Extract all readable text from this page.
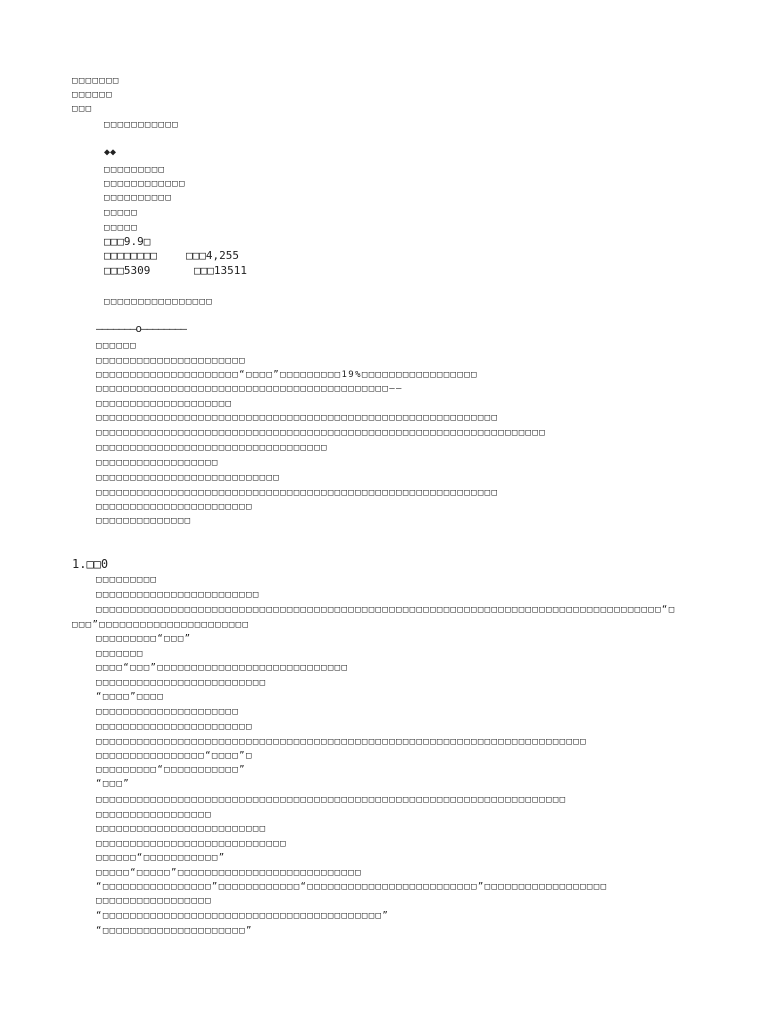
□□□□□□□
□□□□□□
□□□
□□□□□□□□□□□
◆◆
□□□□□□□□□
□□□□□□□□□□□□
□□□□□□□□□□
□□□□□
□□□□□
□□□9.9□
□□□□□□□□	□□□4,255
□□□5309	□□□13511
□□□□□□□□□□□□□□□□
———————o————————
□□□□□□
□□□□□□□□□□□□□□□□□□□□□□
□□□□□□□□□□□□□□□□□□□□□“□□□□”□□□□□□□□□19%□□□□□□□□□□□□□□□□□
□□□□□□□□□□□□□□□□□□□□□□□□□□□□□□□□□□□□□□□□□□□——
□□□□□□□□□□□□□□□□□□□□
□□□□□□□□□□□□□□□□□□□□□□□□□□□□□□□□□□□□□□□□□□□□□□□□□□□□□□□□□□□
□□□□□□□□□□□□□□□□□□□□□□□□□□□□□□□□□□□□□□□□□□□□□□□□□□□□□□□□□□□□□□□□□□
□□□□□□□□□□□□□□□□□□□□□□□□□□□□□□□□□□
□□□□□□□□□□□□□□□□□□
□□□□□□□□□□□□□□□□□□□□□□□□□□□
□□□□□□□□□□□□□□□□□□□□□□□□□□□□□□□□□□□□□□□□□□□□□□□□□□□□□□□□□□□
□□□□□□□□□□□□□□□□□□□□□□□
□□□□□□□□□□□□□□
1.□□0
□□□□□□□□□
□□□□□□□□□□□□□□□□□□□□□□□□
□□□□□□□□□□□□□□□□□□□□□□□□□□□□□□□□□□□□□□□□□□□□□□□□□□□□□□□□□□□□□□□□□□□□□□□□□□□□□□□□□□□“□
□□□”□□□□□□□□□□□□□□□□□□□□□□
□□□□□□□□□“□□□”
□□□□□□□
□□□□“□□□”□□□□□□□□□□□□□□□□□□□□□□□□□□□□
□□□□□□□□□□□□□□□□□□□□□□□□□
“□□□□”□□□□
□□□□□□□□□□□□□□□□□□□□□
□□□□□□□□□□□□□□□□□□□□□□□
□□□□□□□□□□□□□□□□□□□□□□□□□□□□□□□□□□□□□□□□□□□□□□□□□□□□□□□□□□□□□□□□□□□□□□□□
□□□□□□□□□□□□□□□□“□□□□”□
□□□□□□□□□“□□□□□□□□□□□”
“□□□”
□□□□□□□□□□□□□□□□□□□□□□□□□□□□□□□□□□□□□□□□□□□□□□□□□□□□□□□□□□□□□□□□□□□□□
□□□□□□□□□□□□□□□□□
□□□□□□□□□□□□□□□□□□□□□□□□□
□□□□□□□□□□□□□□□□□□□□□□□□□□□□
□□□□□□“□□□□□□□□□□□”
□□□□□“□□□□□”□□□□□□□□□□□□□□□□□□□□□□□□□□□
“□□□□□□□□□□□□□□□□”□□□□□□□□□□□□“□□□□□□□□□□□□□□□□□□□□□□□□□”□□□□□□□□□□□□□□□□□□
□□□□□□□□□□□□□□□□□
“□□□□□□□□□□□□□□□□□□□□□□□□□□□□□□□□□□□□□□□□□”
“□□□□□□□□□□□□□□□□□□□□□”
